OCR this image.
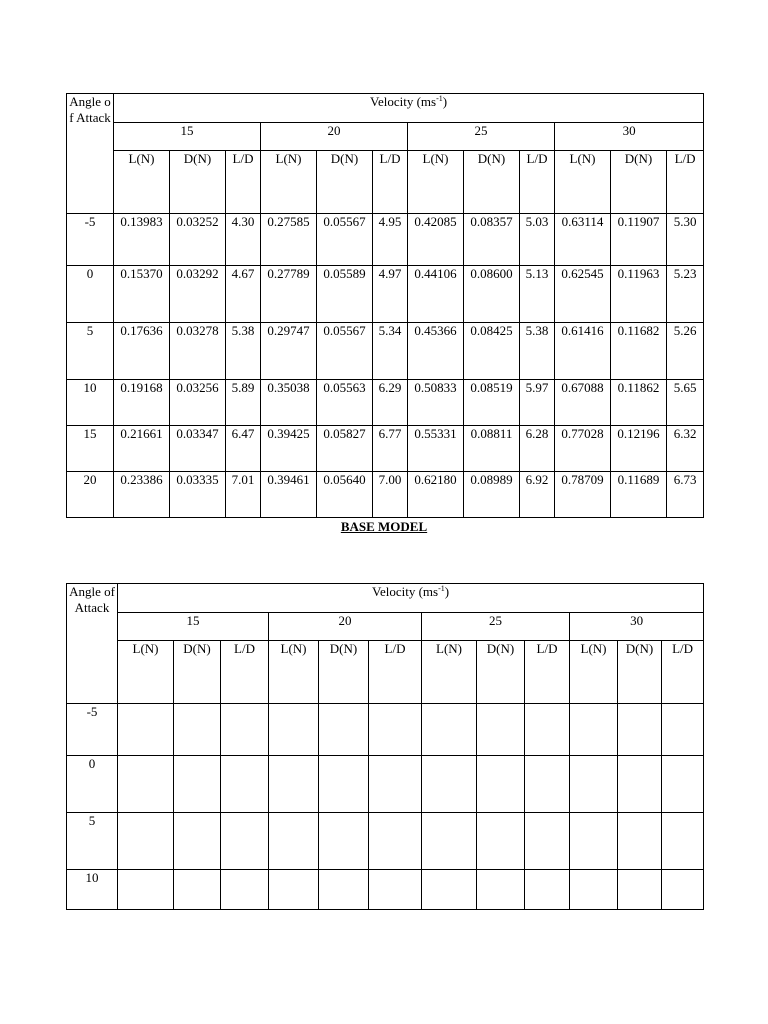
Angle of Attack	Velocity $(ms^{-1})$											
	15			20			25			30		
	L(N)	D(N)	L/D	L(N)	D(N)	L/D	L(N)	D(N)	L/D	L(N)	D(N)	L/D
-5	0.13983	0.03252	4.30	0.27585	0.05567	4.95	0.42085	0.08357	5.03	0.63114	0.11907	5.30
0	0.15370	0.03292	4.67	0.27789	0.05589	4.97	0.44106	0.08600	5.13	0.62545	0.11963	5.23
5	0.17636	0.03278	5.38	0.29747	0.05567	5.34	0.45366	0.08425	5.38	0.61416	0.11682	5.26
10	0.19168	0.03256	5.89	0.35038	0.05563	6.29	0.50833	0.08519	5.97	0.67088	0.11862	5.65
15	0.21661	0.03347	6.47	0.39425	0.05827	6.77	0.55331	0.08811	6.28	0.77028	0.12196	6.32
20	0.23386	0.03335	7.01	0.39461	0.05640	7.00	0.62180	0.08989	6.92	0.78709	0.11689	6.73
BASE MODEL
Angle of Attack	Velocity $(ms^{-1})$											
	15			20			25			30		
	L(N)	D(N)	L/D	L(N)	D(N)	L/D	L(N)	D(N)	L/D	L(N)	D(N)	L/D
-5												
0												
5												
10												
